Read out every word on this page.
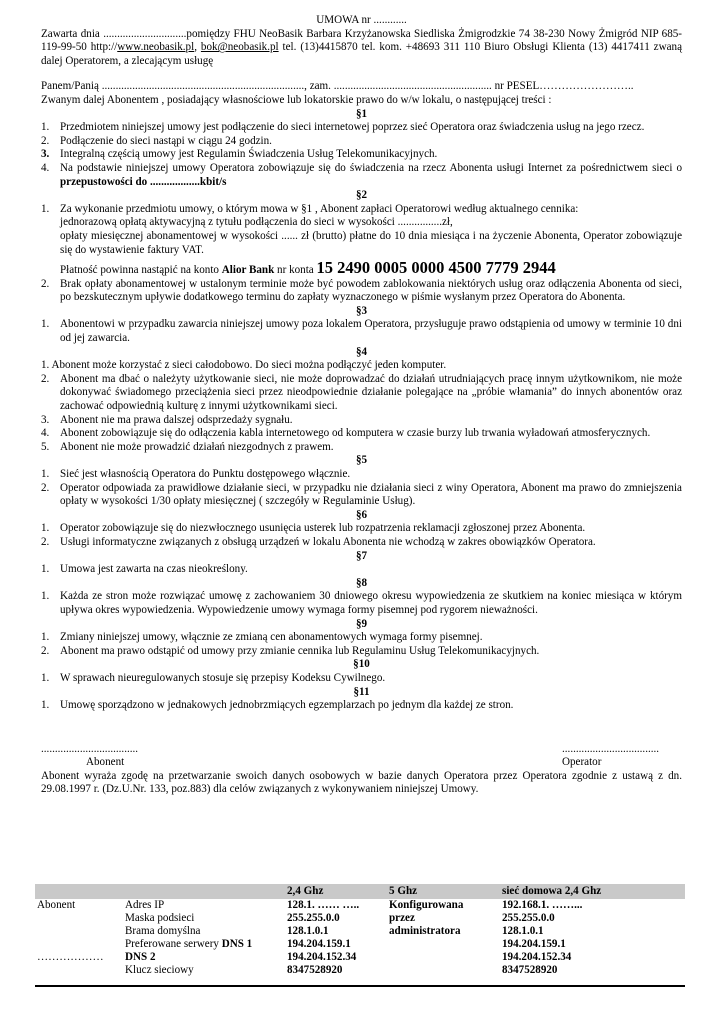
UMOWA nr ............

Zawarta dnia ..............................pomiędzy FHU NeoBasik Barbara Krzyżanowska Siedliska Żmigrodzkie 74 38-230 Nowy Żmigród NIP 685-119-99-50 http://www.neobasik.pl, bok@neobasik.pl tel. (13)4415870 tel. kom. +48693 311 110 Biuro Obsługi Klienta (13) 4417411 zwaną dalej Operatorem, a zlecającym usługę

Panem/Panią ........................................................................., zam. ......................................................... nr PESEL……………………..

Zwanym dalej Abonentem , posiadający własnościowe lub lokatorskie prawo do w/w lokalu, o następującej treści :

§1
1. Przedmiotem niniejszej umowy jest podłączenie do sieci internetowej poprzez sieć Operatora oraz świadczenia usług na jego rzecz.
2. Podłączenie do sieci nastąpi w ciągu 24 godzin.
3. Integralną częścią umowy jest Regulamin Świadczenia Usług Telekomunikacyjnych.
4. Na podstawie niniejszej umowy Operatora zobowiązuje się do świadczenia na rzecz Abonenta usługi Internet za pośrednictwem sieci o przepustowości do ..................kbit/s
§2
1. Za wykonanie przedmiotu umowy, o którym mowa w §1 , Abonent zapłaci Operatorowi według aktualnego cennika:
jednorazową opłatą aktywacyjną z tytułu podłączenia do sieci w wysokości ................zł,
opłaty miesięcznej abonamentowej w wysokości ...... zł (brutto) płatne do 10 dnia miesiąca i na życzenie Abonenta, Operator zobowiązuje się do wystawienie faktury VAT.
Płatność powinna nastąpić na konto Alior Bank nr konta 15 2490 0005 0000 4500 7779 2944
2. Brak opłaty abonamentowej w ustalonym terminie może być powodem zablokowania niektórych usług oraz odłączenia Abonenta od sieci, po bezskutecznym upływie dodatkowego terminu do zapłaty wyznaczonego w piśmie wysłanym przez Operatora do Abonenta.
§3
1. Abonentowi w przypadku zawarcia niniejszej umowy poza lokalem Operatora, przysługuje prawo odstąpienia od umowy w terminie 10 dni od jej zawarcia.
§4
1. Abonent może korzystać z sieci całodobowo. Do sieci można podłączyć jeden komputer.
2. Abonent ma dbać o należyty użytkowanie sieci, nie może doprowadzać do działań utrudniających pracę innym użytkownikom, nie może dokonywać świadomego przeciążenia sieci przez nieodpowiednie działanie polegające na „próbie włamania” do innych abonentów oraz zachować odpowiednią kulturę z innymi użytkownikami sieci.
3. Abonent nie ma prawa dalszej odsprzedaży sygnału.
4. Abonent zobowiązuje się do odłączenia kabla internetowego od komputera w czasie burzy lub trwania wyładowań atmosferycznych.
5. Abonent nie może prowadzić działań niezgodnych z prawem.
§5
1. Sieć jest własnością Operatora do Punktu dostępowego włącznie.
2. Operator odpowiada za prawidłowe działanie sieci, w przypadku nie działania sieci z winy Operatora, Abonent ma prawo do zmniejszenia opłaty w wysokości 1/30 opłaty miesięcznej ( szczegóły w Regulaminie Usług).
§6
1. Operator zobowiązuje się do niezwłocznego usunięcia usterek lub rozpatrzenia reklamacji zgłoszonej przez Abonenta.
2. Usługi informatyczne związanych z obsługą urządzeń w lokalu Abonenta nie wchodzą w zakres obowiązków Operatora.
§7
1. Umowa jest zawarta na czas nieokreślony.
§8
1. Każda ze stron może rozwiązać umowę z zachowaniem 30 dniowego okresu wypowiedzenia ze skutkiem na koniec miesiąca w którym upływa okres wypowiedzenia. Wypowiedzenie umowy wymaga formy pisemnej pod rygorem nieważności.
§9
1. Zmiany niniejszej umowy, włącznie ze zmianą cen abonamentowych wymaga formy pisemnej.
2. Abonent ma prawo odstąpić od umowy przy zmianie cennika lub Regulaminu Usług Telekomunikacyjnych.
§10
1. W sprawach nieuregulowanych stosuje się przepisy Kodeksu Cywilnego.
§11
1. Umowę sporządzono w jednakowych jednobrzmiących egzemplarzach po jednym dla każdej ze stron.
...................................
Abonent
...................................
Operator

Abonent wyraża zgodę na przetwarzanie swoich danych osobowych w bazie danych Operatora przez Operatora zgodnie z ustawą z dn. 29.08.1997 r. (Dz.U.Nr. 133, poz.883) dla celów związanych z wykonywaniem niniejszej Umowy.

		2,4 Ghz	5 Ghz	sieć domowa 2,4 Ghz
Abonent	Adres IP	128.1. …… …..	Konfigurowana	192.168.1. ……...
	Maska podsieci	255.255.0.0	przez	255.255.0.0
	Brama domyślna	128.1.0.1	administratora	128.1.0.1
	Preferowane serwery DNS 1	194.204.159.1		194.204.159.1
………………	DNS 2	194.204.152.34		194.204.152.34
	Klucz sieciowy	8347528920		8347528920
